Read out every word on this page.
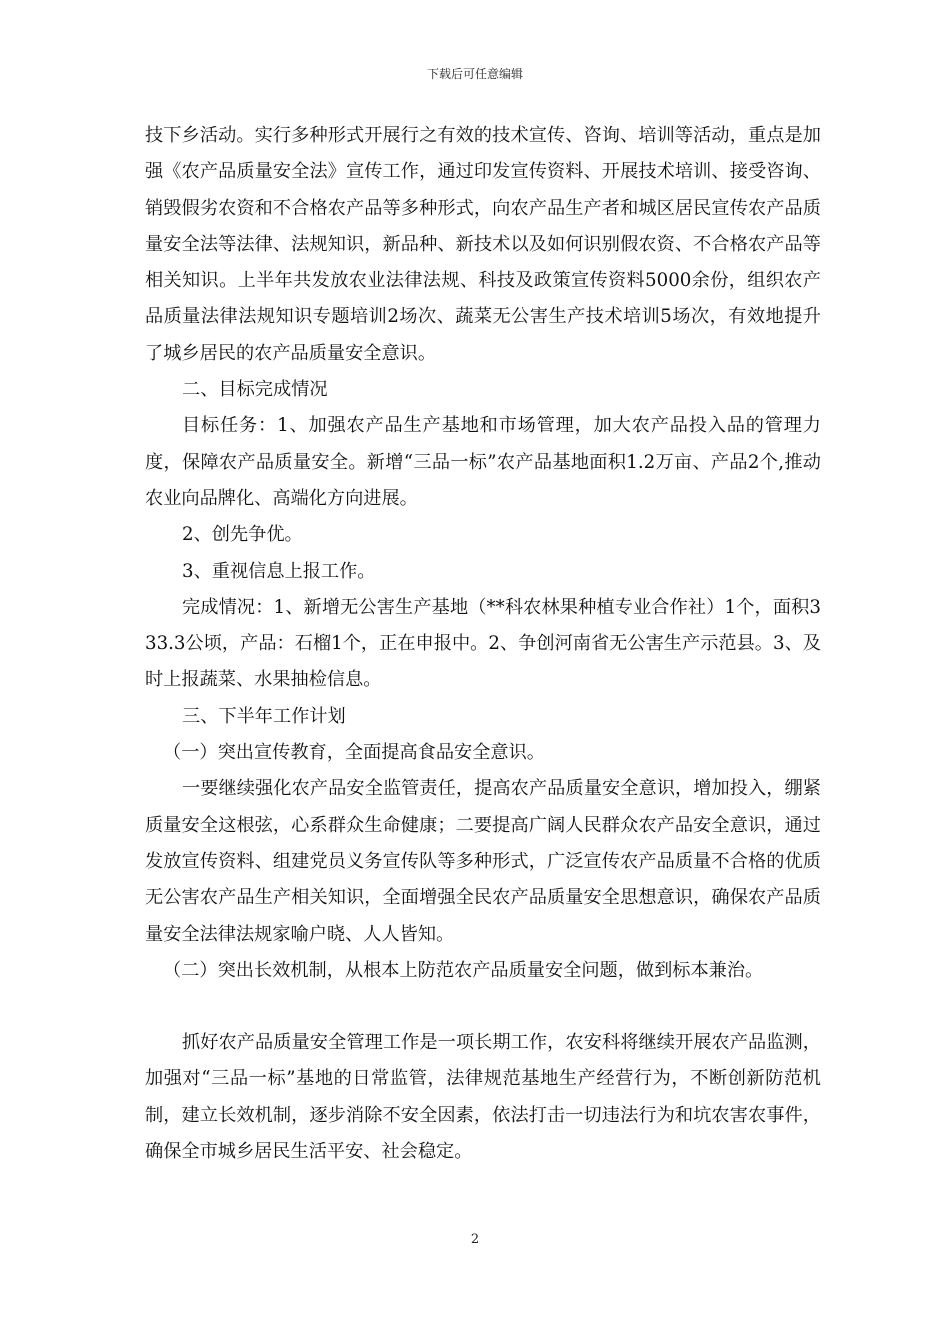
下载后可任意编辑

技下乡活动。实行多种形式开展行之有效的技术宣传、咨询、培训等活动，重点是加强《农产品质量安全法》宣传工作，通过印发宣传资料、开展技术培训、接受咨询、销毁假劣农资和不合格农产品等多种形式，向农产品生产者和城区居民宣传农产品质量安全法等法律、法规知识，新品种、新技术以及如何识别假农资、不合格农产品等相关知识。上半年共发放农业法律法规、科技及政策宣传资料5000余份，组织农产品质量法律法规知识专题培训2场次、蔬菜无公害生产技术培训5场次，有效地提升了城乡居民的农产品质量安全意识。

二、目标完成情况

目标任务：1、加强农产品生产基地和市场管理，加大农产品投入品的管理力度，保障农产品质量安全。新增“三品一标”农产品基地面积1.2万亩、产品2个,推动农业向品牌化、高端化方向进展。

2、创先争优。

3、重视信息上报工作。

完成情况：1、新增无公害生产基地（**科农林果种植专业合作社）1个，面积333.3公顷，产品：石榴1个，正在申报中。2、争创河南省无公害生产示范县。3、及时上报蔬菜、水果抽检信息。

三、下半年工作计划

（一）突出宣传教育，全面提高食品安全意识。

一要继续强化农产品安全监管责任，提高农产品质量安全意识，增加投入，绷紧质量安全这根弦，心系群众生命健康；二要提高广阔人民群众农产品安全意识，通过发放宣传资料、组建党员义务宣传队等多种形式，广泛宣传农产品质量不合格的优质无公害农产品生产相关知识，全面增强全民农产品质量安全思想意识，确保农产品质量安全法律法规家喻户晓、人人皆知。

（二）突出长效机制，从根本上防范农产品质量安全问题，做到标本兼治。

抓好农产品质量安全管理工作是一项长期工作，农安科将继续开展农产品监测，加强对“三品一标”基地的日常监管，法律规范基地生产经营行为，不断创新防范机制，建立长效机制，逐步消除不安全因素，依法打击一切违法行为和坑农害农事件，确保全市城乡居民生活平安、社会稳定。

2
